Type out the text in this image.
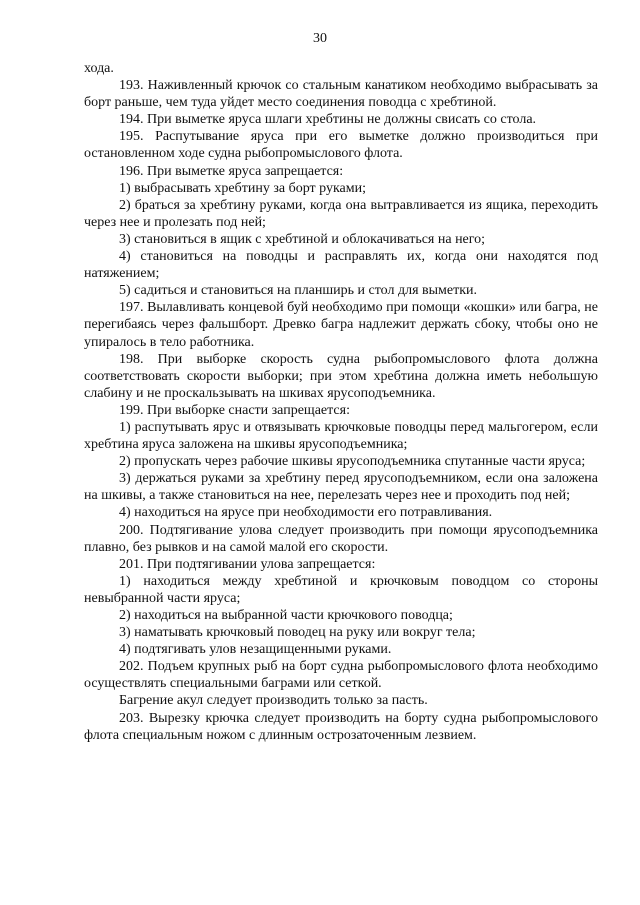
30

хода.

193. Наживленный крючок со стальным канатиком необходимо выбрасывать за борт раньше, чем туда уйдет место соединения поводца с хребтиной.

194. При выметке яруса шлаги хребтины не должны свисать со стола.

195. Распутывание яруса при его выметке должно производиться при остановленном ходе судна рыбопромыслового флота.

196. При выметке яруса запрещается:

1) выбрасывать хребтину за борт руками;

2) браться за хребтину руками, когда она вытравливается из ящика, переходить через нее и пролезать под ней;

3) становиться в ящик с хребтиной и облокачиваться на него;

4) становиться на поводцы и расправлять их, когда они находятся под натяжением;

5) садиться и становиться на планширь и стол для выметки.

197. Вылавливать концевой буй необходимо при помощи «кошки» или багра, не перегибаясь через фальшборт. Древко багра надлежит держать сбоку, чтобы оно не упиралось в тело работника.

198. При выборке скорость судна рыбопромыслового флота должна соответствовать скорости выборки; при этом хребтина должна иметь небольшую слабину и не проскальзывать на шкивах ярусоподъемника.

199. При выборке снасти запрещается:

1) распутывать ярус и отвязывать крючковые поводцы перед мальгогером, если хребтина яруса заложена на шкивы ярусоподъемника;

2) пропускать через рабочие шкивы ярусоподъемника спутанные части яруса;

3) держаться руками за хребтину перед ярусоподъемником, если она заложена на шкивы, а также становиться на нее, перелезать через нее и проходить под ней;

4) находиться на ярусе при необходимости его потравливания.

200. Подтягивание улова следует производить при помощи ярусоподъемника плавно, без рывков и на самой малой его скорости.

201. При подтягивании улова запрещается:

1) находиться между хребтиной и крючковым поводцом со стороны невыбранной части яруса;

2) находиться на выбранной части крючкового поводца;

3) наматывать крючковый поводец на руку или вокруг тела;

4) подтягивать улов незащищенными руками.

202. Подъем крупных рыб на борт судна рыбопромыслового флота необходимо осуществлять специальными баграми или сеткой.

Багрение акул следует производить только за пасть.

203. Вырезку крючка следует производить на борту судна рыбопромыслового флота специальным ножом с длинным острозаточенным лезвием.
